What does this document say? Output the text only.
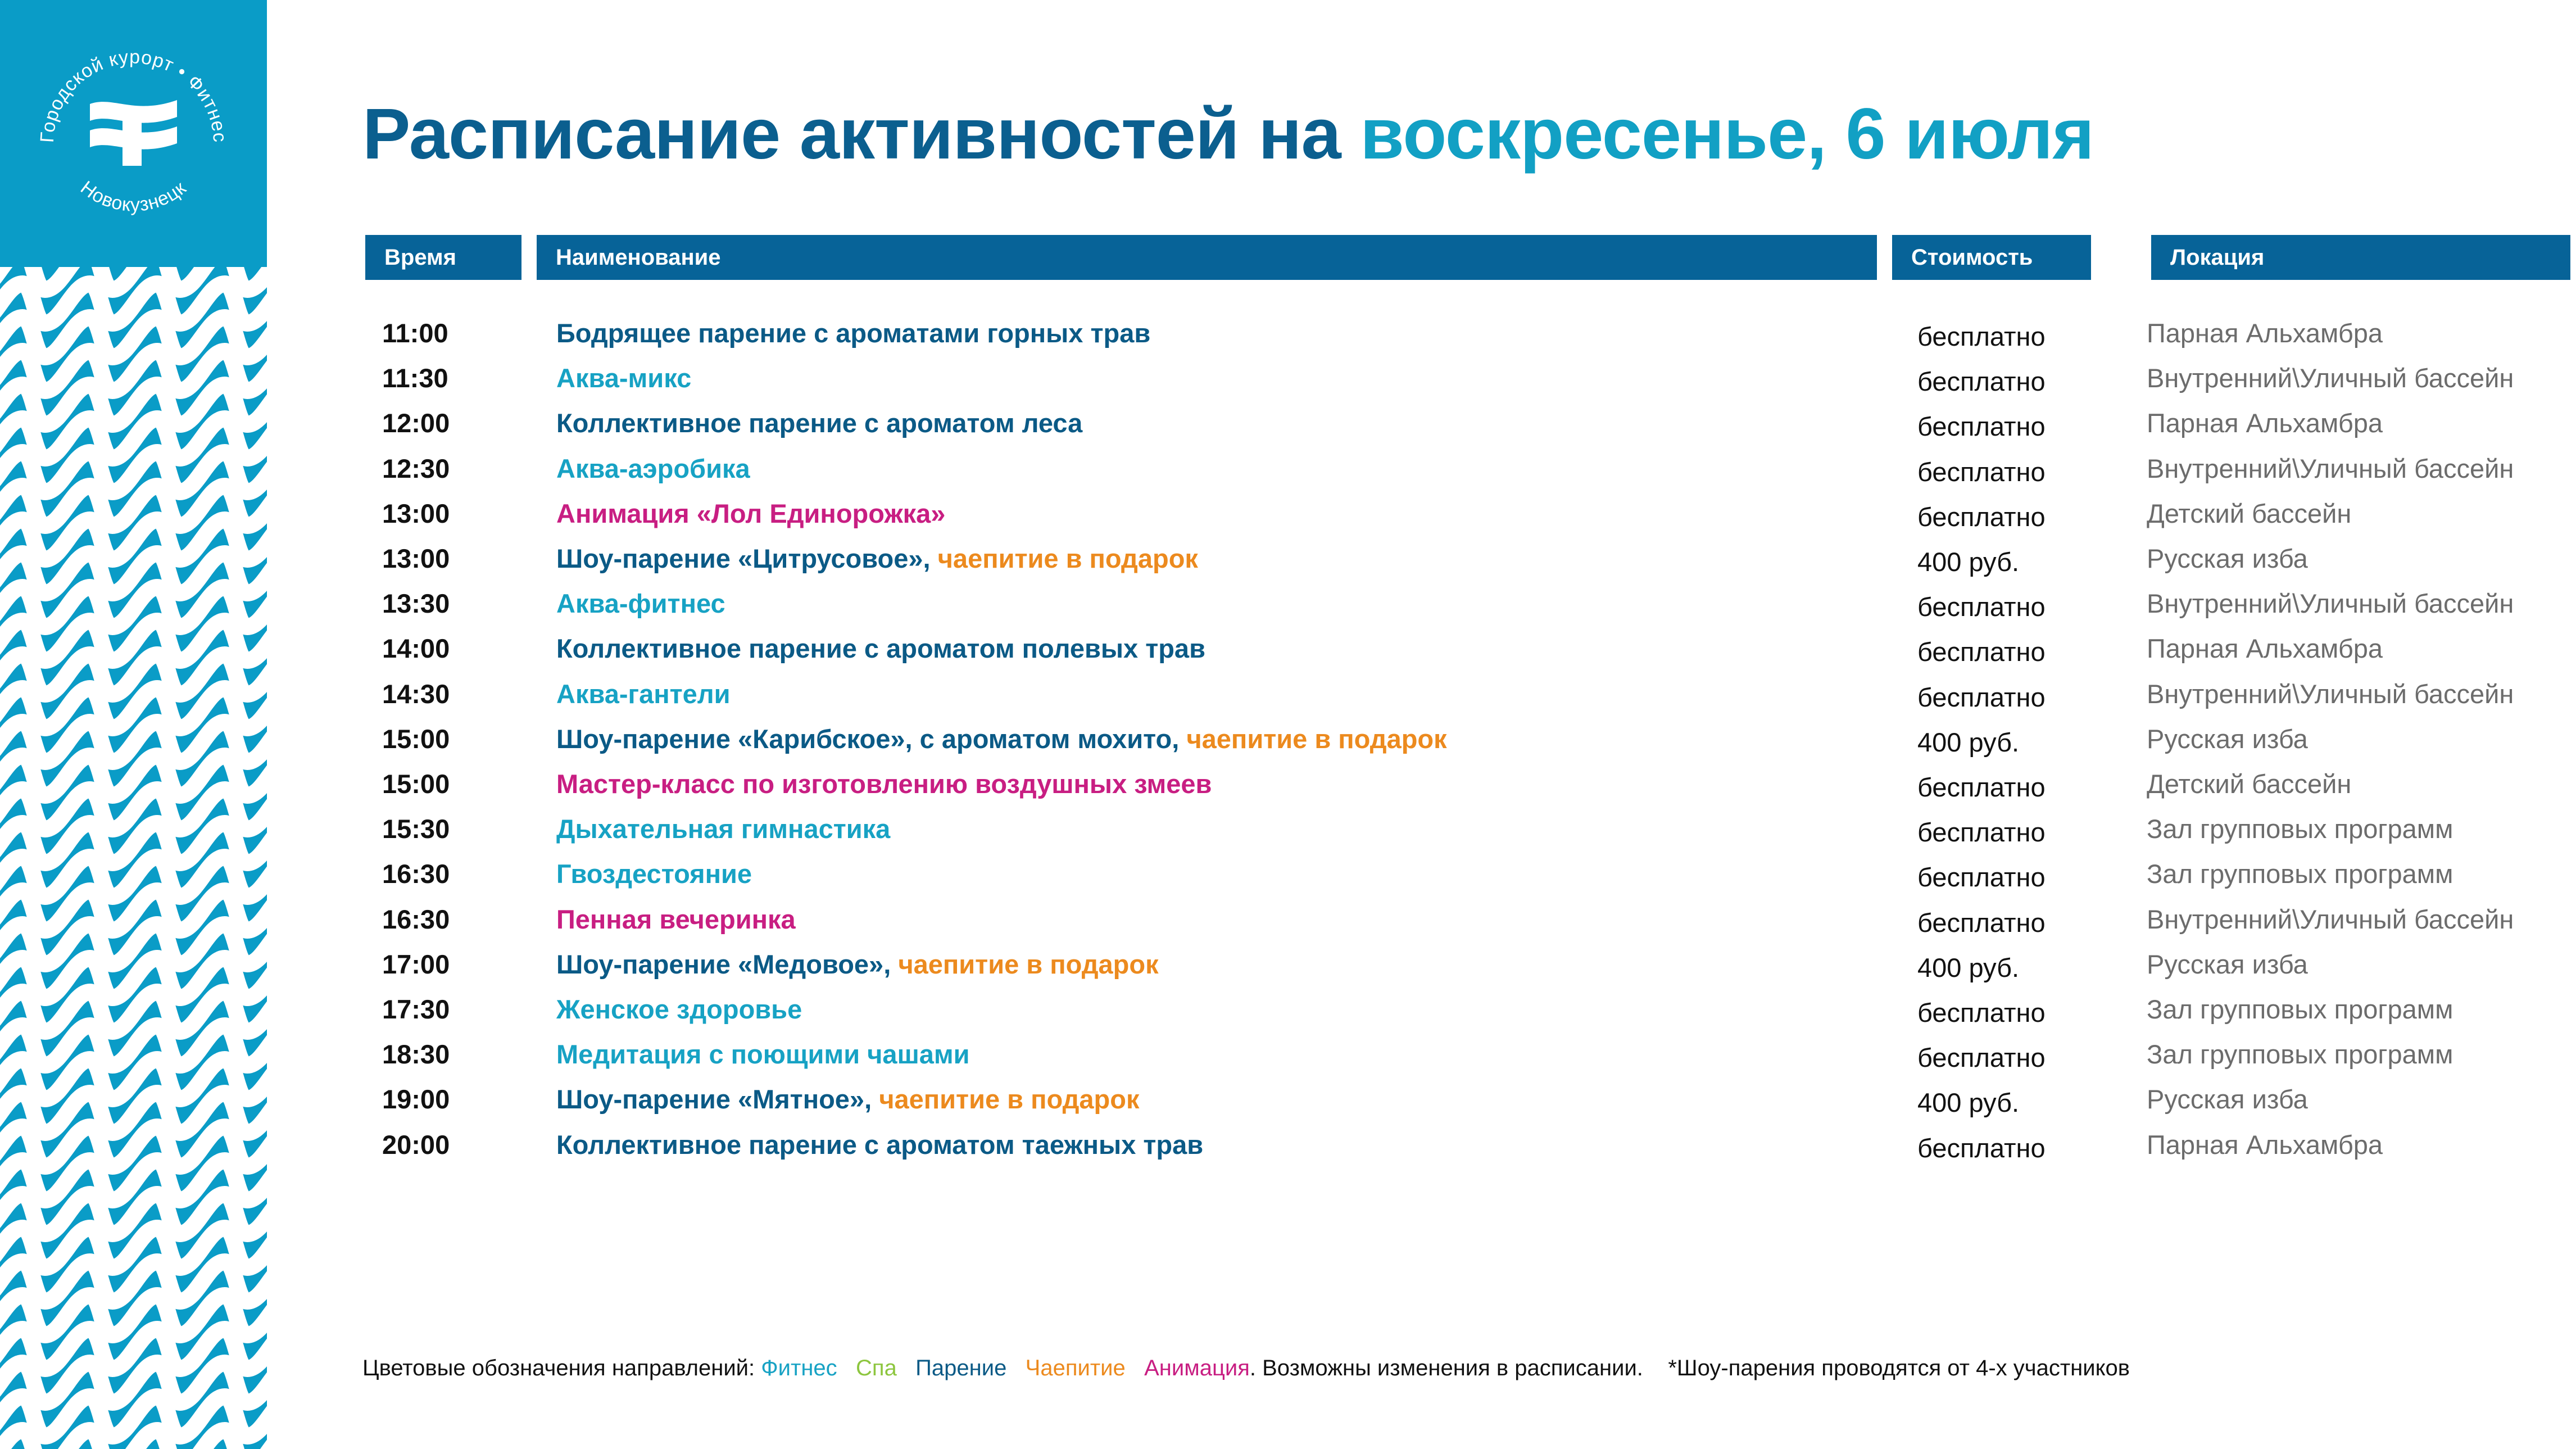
Городской курорт • Фитнес
Новокузнецк
Расписание активностей на воскресенье, 6 июля
Время	Наименование	Стоимость	Локация
11:00	Бодрящее парение с ароматами горных трав	бесплатно	Парная Альхамбра
11:30	Аква-микс	бесплатно	Внутренний\Уличный бассейн
12:00	Коллективное парение с ароматом леса	бесплатно	Парная Альхамбра
12:30	Аква-аэробика	бесплатно	Внутренний\Уличный бассейн
13:00	Анимация «Лол Единорожка»	бесплатно	Детский бассейн
13:00	Шоу-парение «Цитрусовое», чаепитие в подарок	400 руб.	Русская изба
13:30	Аква-фитнес	бесплатно	Внутренний\Уличный бассейн
14:00	Коллективное парение с ароматом полевых трав	бесплатно	Парная Альхамбра
14:30	Аква-гантели	бесплатно	Внутренний\Уличный бассейн
15:00	Шоу-парение «Карибское», с ароматом мохито, чаепитие в подарок	400 руб.	Русская изба
15:00	Мастер-класс по изготовлению воздушных змеев	бесплатно	Детский бассейн
15:30	Дыхательная гимнастика	бесплатно	Зал групповых программ
16:30	Гвоздестояние	бесплатно	Зал групповых программ
16:30	Пенная вечеринка	бесплатно	Внутренний\Уличный бассейн
17:00	Шоу-парение «Медовое», чаепитие в подарок	400 руб.	Русская изба
17:30	Женское здоровье	бесплатно	Зал групповых программ
18:30	Медитация с поющими чашами	бесплатно	Зал групповых программ
19:00	Шоу-парение «Мятное», чаепитие в подарок	400 руб.	Русская изба
20:00	Коллективное парение с ароматом таежных трав	бесплатно	Парная Альхамбра
Цветовые обозначения направлений: Фитнес Спа Парение Чаепитие Анимация. Возможны изменения в расписании. *Шоу-парения проводятся от 4-х участников
